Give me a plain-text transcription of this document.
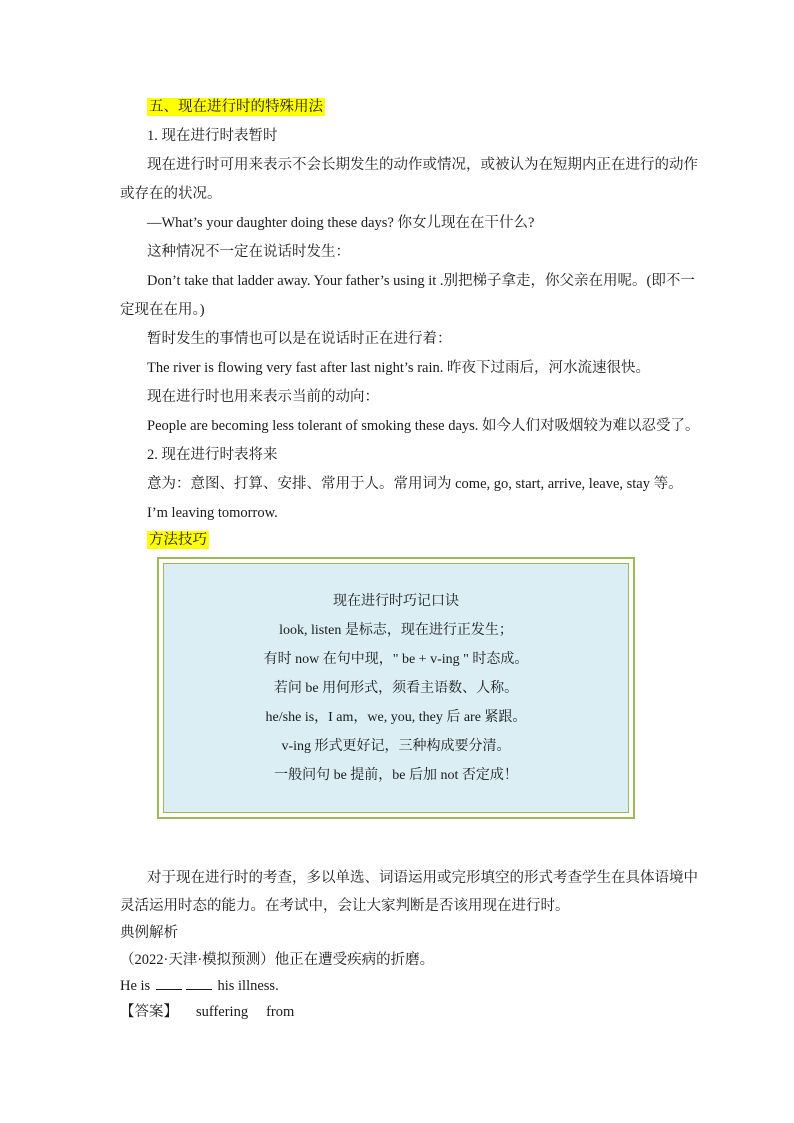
五、现在进行时的特殊用法
1. 现在进行时表暂时
现在进行时可用来表示不会长期发生的动作或情况，或被认为在短期内正在进行的动作
或存在的状况。
—What’s your daughter doing these days? 你女儿现在在干什么?
这种情况不一定在说话时发生：
Don’t take that ladder away. Your father’s using it .别把梯子拿走，你父亲在用呢。(即不一
定现在在用。)
暂时发生的事情也可以是在说话时正在进行着：
The river is flowing very fast after last night’s rain. 昨夜下过雨后，河水流速很快。
现在进行时也用来表示当前的动向：
People are becoming less tolerant of smoking these days. 如今人们对吸烟较为难以忍受了。
2. 现在进行时表将来
意为：意图、打算、安排、常用于人。常用词为 come, go, start, arrive, leave, stay 等。
I’m leaving tomorrow.
方法技巧
现在进行时巧记口诀
look, listen 是标志，现在进行正发生；
有时 now 在句中现，" be + v-ing " 时态成。
若问 be 用何形式，须看主语数、人称。
he/she is，I am，we, you, they 后 are 紧跟。
v-ing 形式更好记，三种构成要分清。
一般问句 be 提前，be 后加 not 否定成！
对于现在进行时的考查，多以单选、词语运用或完形填空的形式考查学生在具体语境中
灵活运用时态的能力。在考试中，会让大家判断是否该用现在进行时。
典例解析
（2022·天津·模拟预测）他正在遭受疾病的折磨。
He is	his illness.
【答案】 suffering from
